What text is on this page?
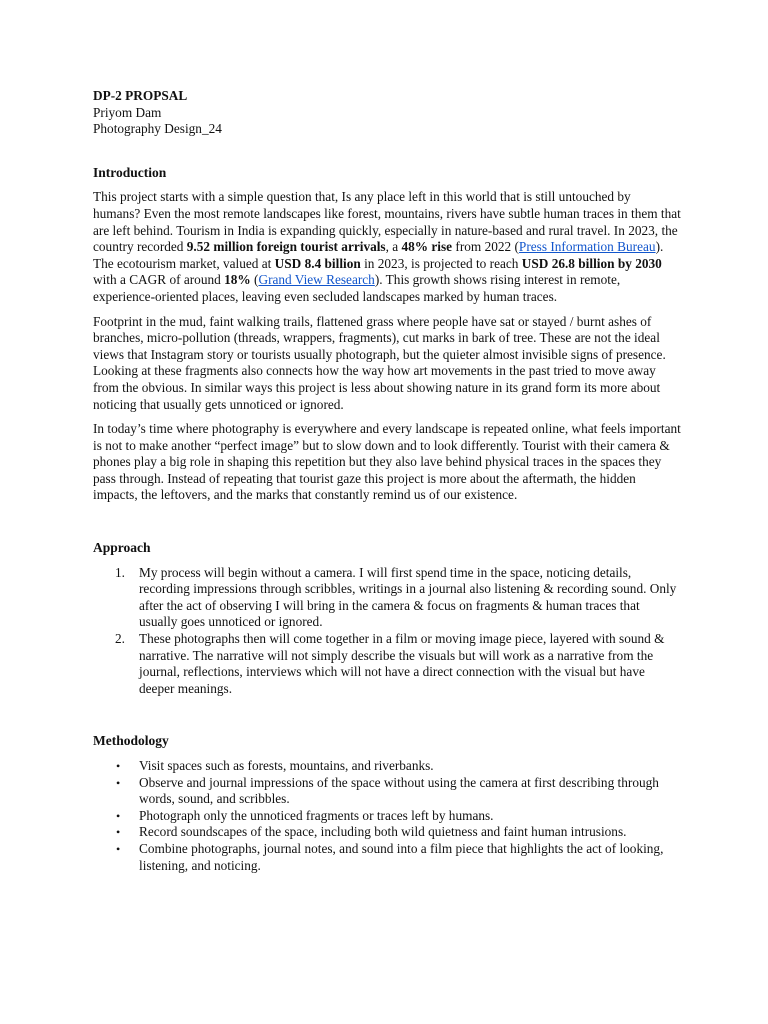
DP-2 PROPSAL
Priyom Dam
Photography Design_24
Introduction

This project starts with a simple question that, Is any place left in this world that is still untouched by humans? Even the most remote landscapes like forest, mountains, rivers have subtle human traces in them that are left behind. Tourism in India is expanding quickly, especially in nature-based and rural travel. In 2023, the country recorded 9.52 million foreign tourist arrivals, a 48% rise from 2022 (Press Information Bureau). The ecotourism market, valued at USD 8.4 billion in 2023, is projected to reach USD 26.8 billion by 2030 with a CAGR of around 18% (Grand View Research). This growth shows rising interest in remote, experience-oriented places, leaving even secluded landscapes marked by human traces.

Footprint in the mud, faint walking trails, flattened grass where people have sat or stayed / burnt ashes of branches, micro-pollution (threads, wrappers, fragments), cut marks in bark of tree. These are not the ideal views that Instagram story or tourists usually photograph, but the quieter almost invisible signs of presence. Looking at these fragments also connects how the way how art movements in the past tried to move away from the obvious. In similar ways this project is less about showing nature in its grand form its more about noticing that usually gets unnoticed or ignored.

In today’s time where photography is everywhere and every landscape is repeated online, what feels important is not to make another “perfect image” but to slow down and to look differently. Tourist with their camera & phones play a big role in shaping this repetition but they also lave behind physical traces in the spaces they pass through. Instead of repeating that tourist gaze this project is more about the aftermath, the hidden impacts, the leftovers, and the marks that constantly remind us of our existence.

Approach
1. My process will begin without a camera. I will first spend time in the space, noticing details, recording impressions through scribbles, writings in a journal also listening & recording sound. Only after the act of observing I will bring in the camera & focus on fragments & human traces that usually goes unnoticed or ignored.
2. These photographs then will come together in a film or moving image piece, layered with sound & narrative. The narrative will not simply describe the visuals but will work as a narrative from the journal, reflections, interviews which will not have a direct connection with the visual but have deeper meanings.
Methodology
• Visit spaces such as forests, mountains, and riverbanks.
• Observe and journal impressions of the space without using the camera at first describing through words, sound, and scribbles.
• Photograph only the unnoticed fragments or traces left by humans.
• Record soundscapes of the space, including both wild quietness and faint human intrusions.
• Combine photographs, journal notes, and sound into a film piece that highlights the act of looking, listening, and noticing.
